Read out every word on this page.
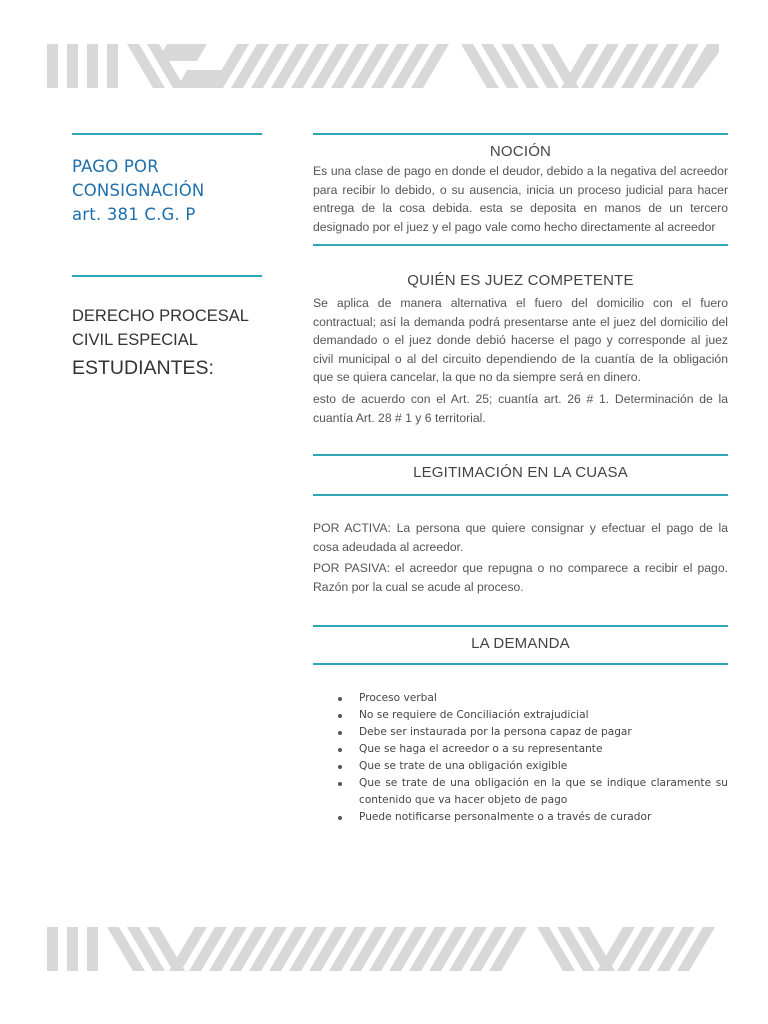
PAGO POR
CONSIGNACIÓN
art. 381 C.G. P
DERECHO PROCESAL
CIVIL ESPECIAL
ESTUDIANTES:
NOCIÓN

Es una clase de pago en donde el deudor, debido a la negativa del acreedor para recibir lo debido, o su ausencia, inicia un proceso judicial para hacer entrega de la cosa debida. esta se deposita en manos de un tercero designado por el juez y el pago vale como hecho directamente al acreedor

QUIÉN ES JUEZ COMPETENTE

Se aplica de manera alternativa el fuero del domicilio con el fuero contractual; así la demanda podrá presentarse ante el juez del domicilio del demandado o el juez donde debió hacerse el pago y corresponde al juez civil municipal o al del circuito dependiendo de la cuantía de la obligación que se quiera cancelar, la que no da siempre será en dinero.

esto de acuerdo con el Art. 25; cuantía art. 26 # 1. Determinación de la cuantía Art. 28 # 1 y 6 territorial.

LEGITIMACIÓN EN LA CUASA

POR ACTIVA: La persona que quiere consignar y efectuar el pago de la cosa adeudada al acreedor.

POR PASIVA: el acreedor que repugna o no comparece a recibir el pago. Razón por la cual se acude al proceso.

LA DEMANDA
Proceso verbal
No se requiere de Conciliación extrajudicial
Debe ser instaurada por la persona capaz de pagar
Que se haga el acreedor o a su representante
Que se trate de una obligación exigible
Que se trate de una obligación en la que se indique claramente su contenido que va hacer objeto de pago
Puede notificarse personalmente o a través de curador
